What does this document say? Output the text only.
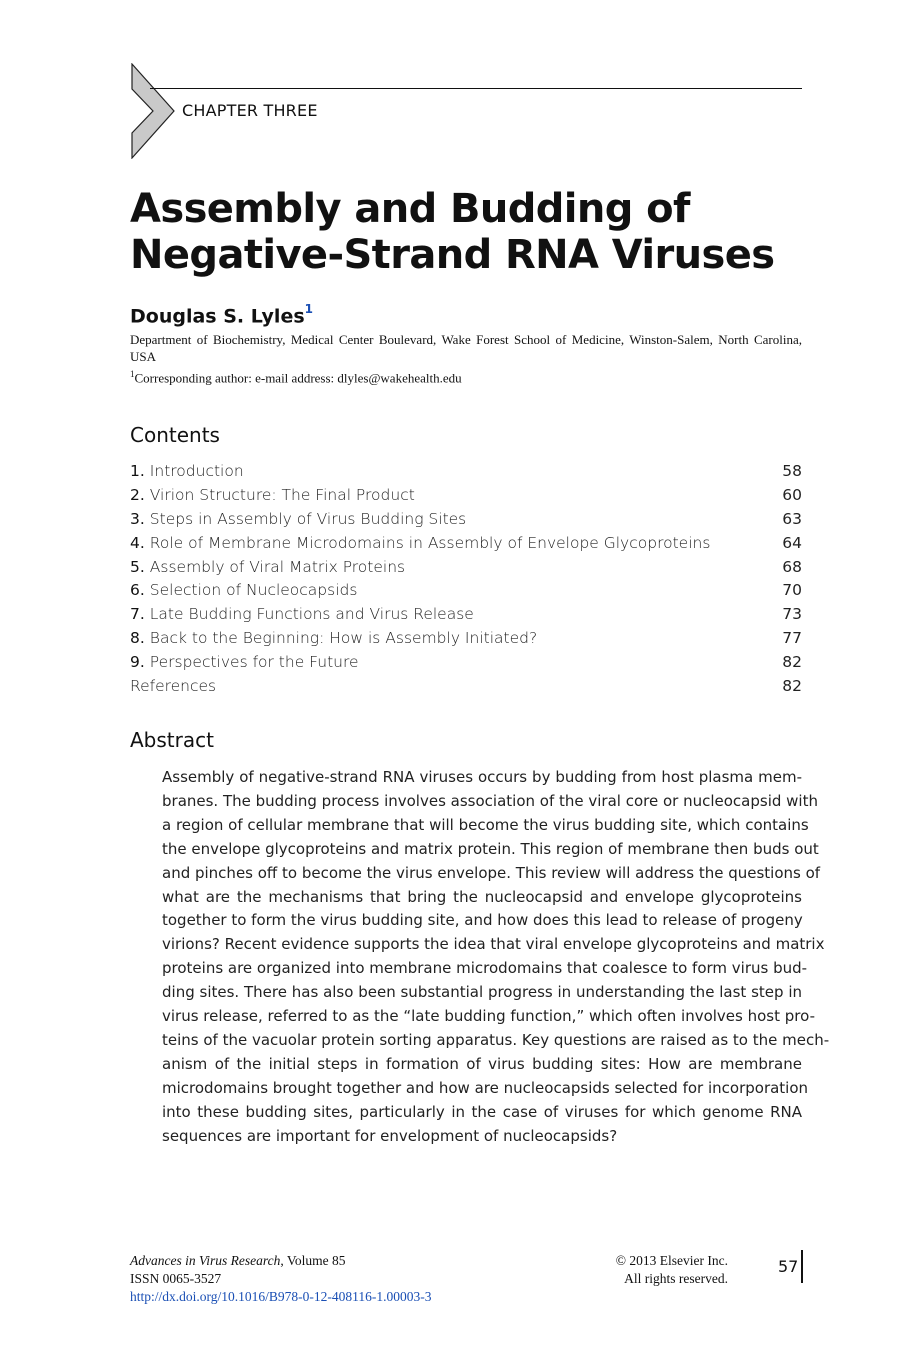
CHAPTER THREE
Assembly and Budding of
Negative-Strand RNA Viruses
Douglas S. Lyles$^1$
Department of Biochemistry, Medical Center Boulevard, Wake Forest School of Medicine, Winston-Salem, North Carolina, USA
$^1$Corresponding author: e-mail address: dlyles@wakehealth.edu
Contents
1. Introduction	58
2. Virion Structure: The Final Product	60
3. Steps in Assembly of Virus Budding Sites	63
4. Role of Membrane Microdomains in Assembly of Envelope Glycoproteins	64
5. Assembly of Viral Matrix Proteins	68
6. Selection of Nucleocapsids	70
7. Late Budding Functions and Virus Release	73
8. Back to the Beginning: How is Assembly Initiated?	77
9. Perspectives for the Future	82
References	82
Abstract
Assembly of negative-strand RNA viruses occurs by budding from host plasma mem-
branes. The budding process involves association of the viral core or nucleocapsid with
a region of cellular membrane that will become the virus budding site, which contains
the envelope glycoproteins and matrix protein. This region of membrane then buds out
and pinches off to become the virus envelope. This review will address the questions of
what are the mechanisms that bring the nucleocapsid and envelope glycoproteins
together to form the virus budding site, and how does this lead to release of progeny
virions? Recent evidence supports the idea that viral envelope glycoproteins and matrix
proteins are organized into membrane microdomains that coalesce to form virus bud-
ding sites. There has also been substantial progress in understanding the last step in
virus release, referred to as the “late budding function,” which often involves host pro-
teins of the vacuolar protein sorting apparatus. Key questions are raised as to the mech-
anism of the initial steps in formation of virus budding sites: How are membrane
microdomains brought together and how are nucleocapsids selected for incorporation
into these budding sites, particularly in the case of viruses for which genome RNA
sequences are important for envelopment of nucleocapsids?
Advances in Virus Research, Volume 85
ISSN 0065-3527
http://dx.doi.org/10.1016/B978-0-12-408116-1.00003-3
© 2013 Elsevier Inc.
All rights reserved.
57
